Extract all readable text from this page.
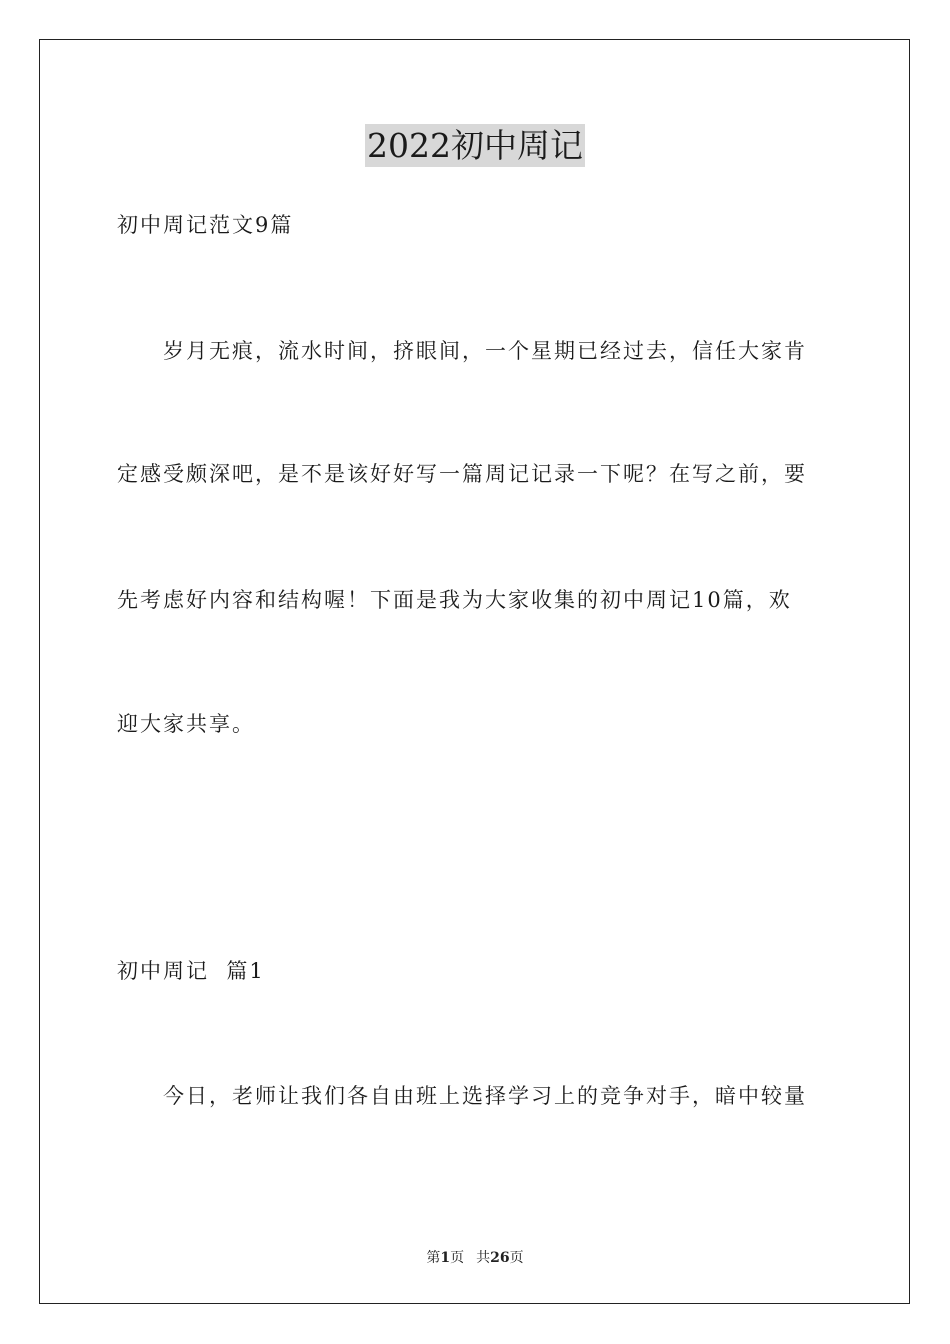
2022初中周记
初中周记范文9篇
岁月无痕，流水时间，挤眼间，一个星期已经过去，信任大家肯
定感受颇深吧，是不是该好好写一篇周记记录一下呢？在写之前，要
先考虑好内容和结构喔！下面是我为大家收集的初中周记10篇，欢
迎大家共享。
初中周记  篇1
今日，老师让我们各自由班上选择学习上的竞争对手，暗中较量
第1页 共26页
